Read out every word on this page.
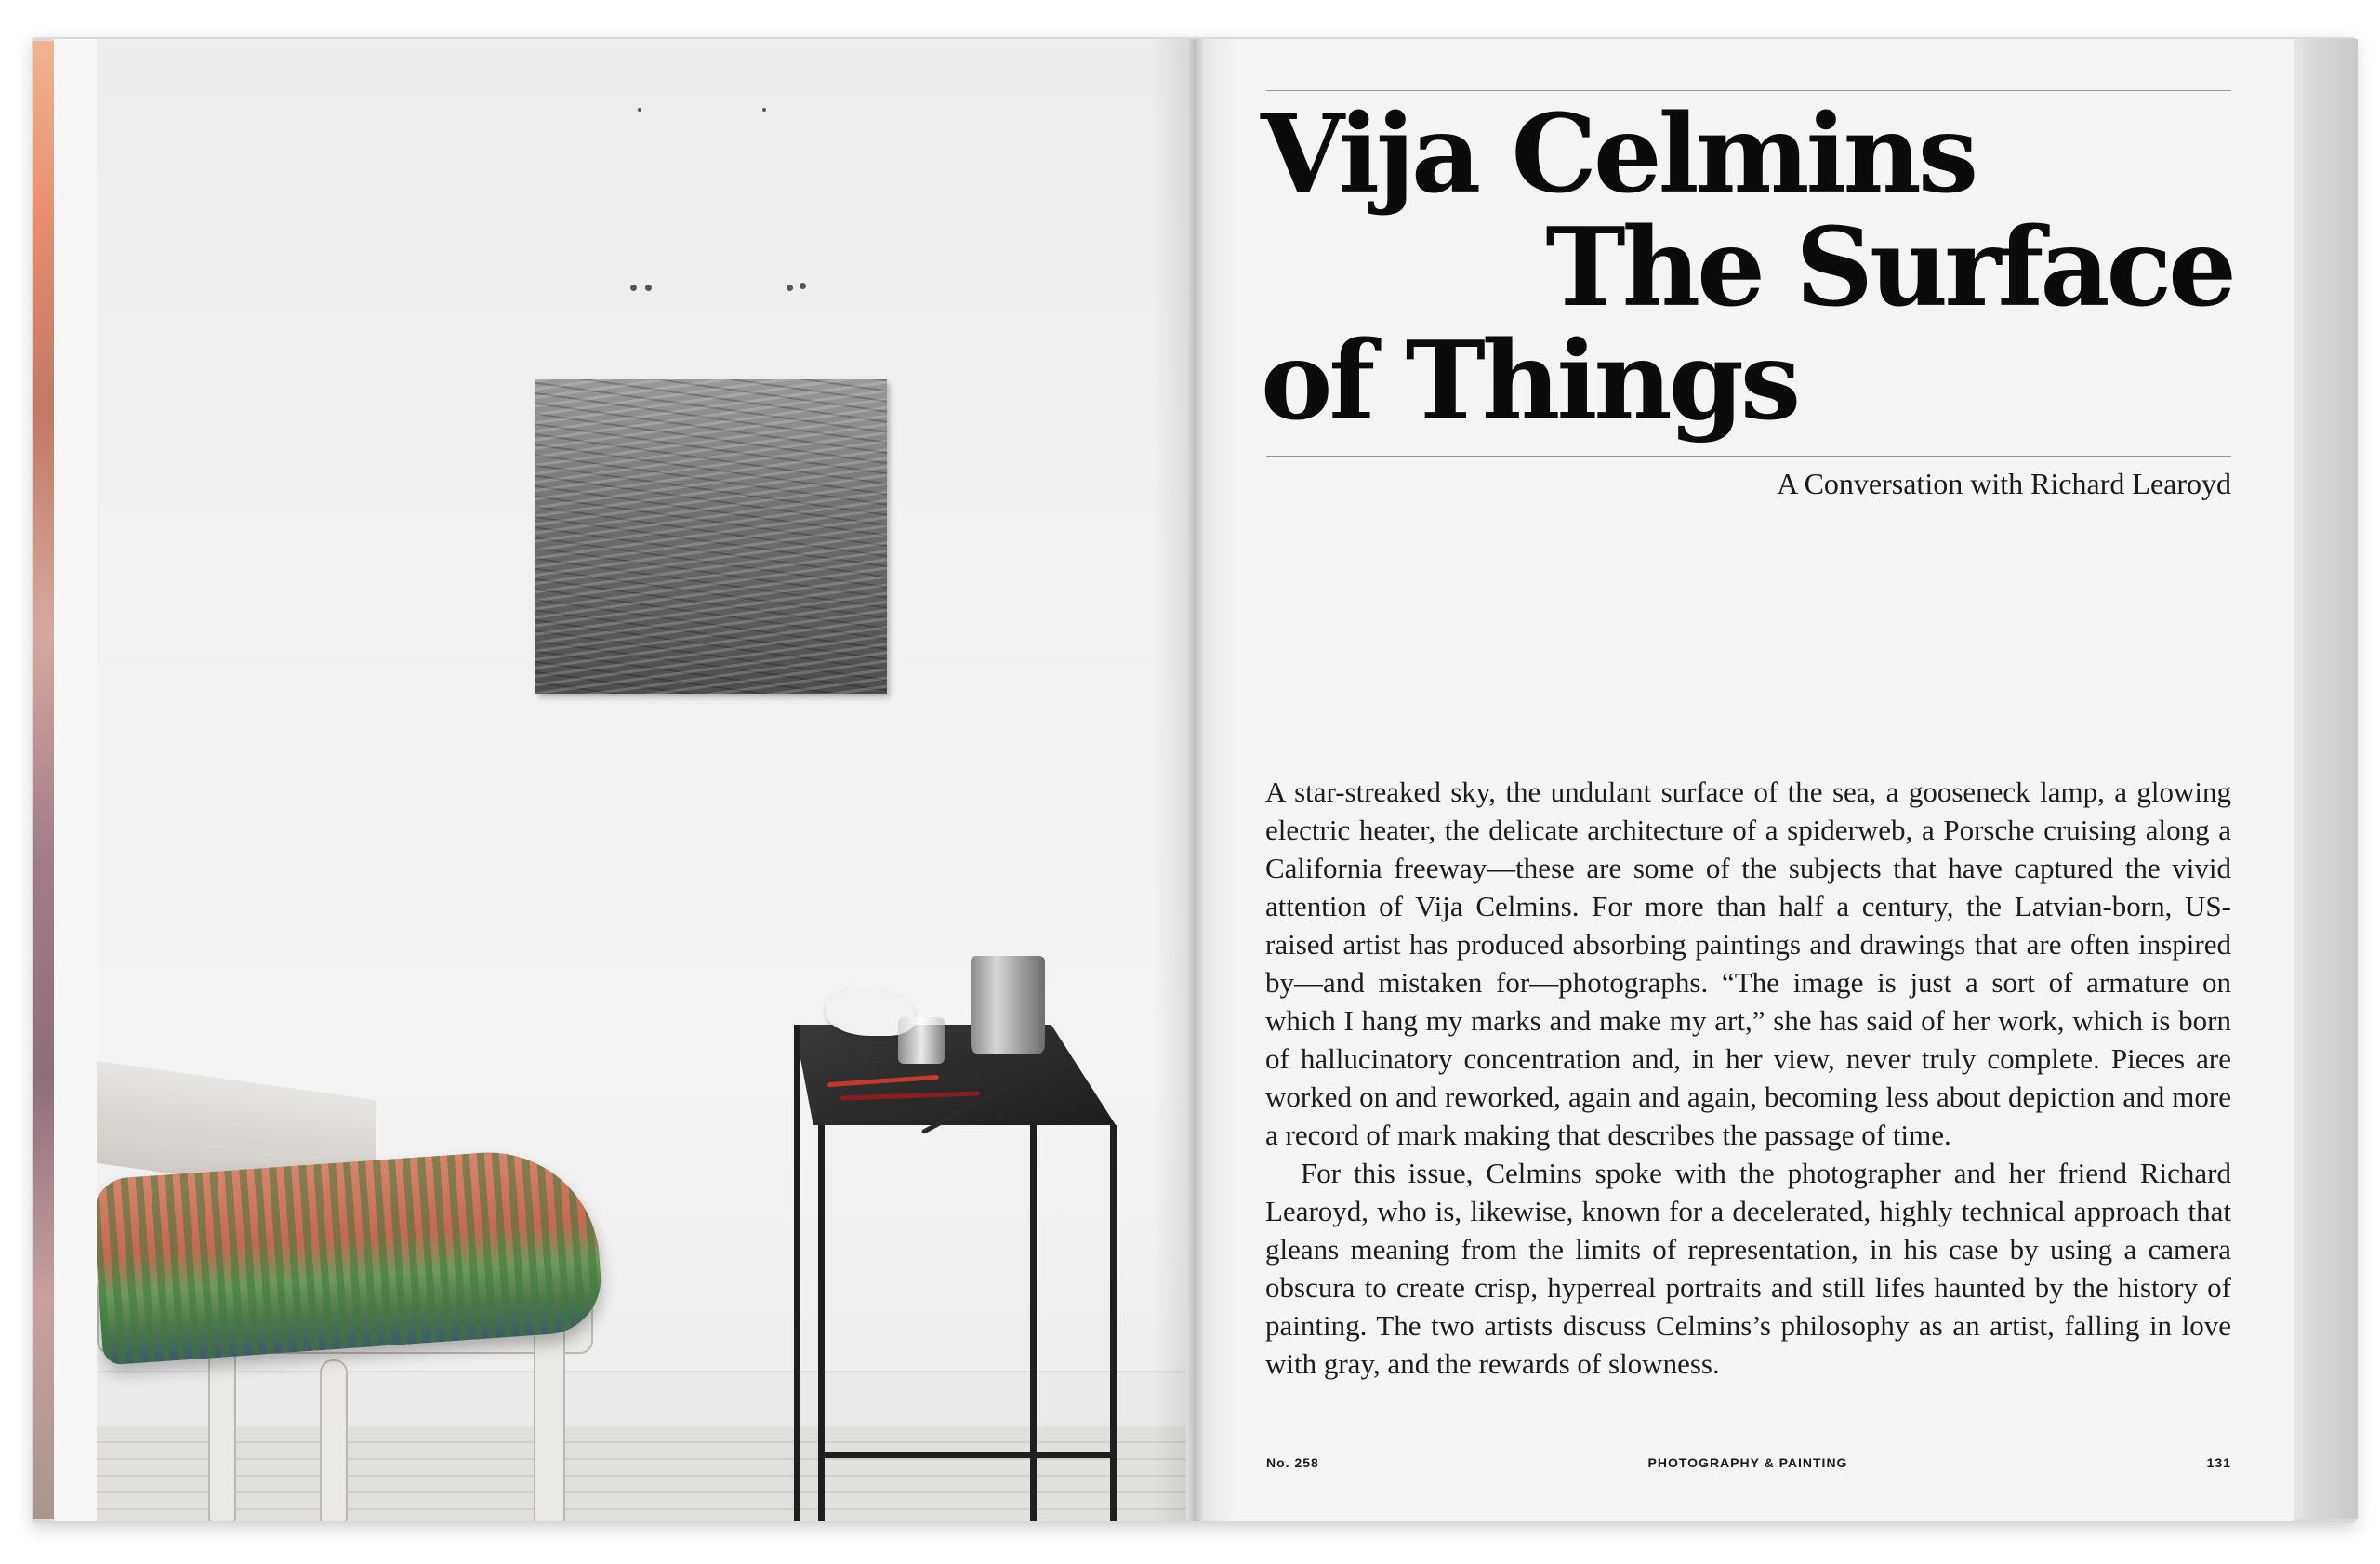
Vija Celmins
The Surface
of Things
A Conversation with Richard Learoyd

A star-streaked sky, the undulant surface of the sea, a gooseneck lamp, a glowing electric heater, the delicate architecture of a spiderweb, a Porsche cruising along a California freeway—these are some of the subjects that have captured the vivid attention of Vija Celmins. For more than half a century, the Latvian-born, US-raised artist has produced absorbing paintings and drawings that are often inspired by—and mistaken for—photographs. “The image is just a sort of armature on which I hang my marks and make my art,” she has said of her work, which is born of hallucinatory concentration and, in her view, never truly complete. Pieces are worked on and reworked, again and again, becoming less about depiction and more a record of mark making that describes the passage of time.

For this issue, Celmins spoke with the photographer and her friend Richard Learoyd, who is, likewise, known for a decelerated, highly technical approach that gleans meaning from the limits of representation, in his case by using a camera obscura to create crisp, hyperreal portraits and still lifes haunted by the history of painting. The two artists discuss Celmins’s philosophy as an artist, falling in love with gray, and the rewards of slowness.

No. 258	PHOTOGRAPHY & PAINTING	131
